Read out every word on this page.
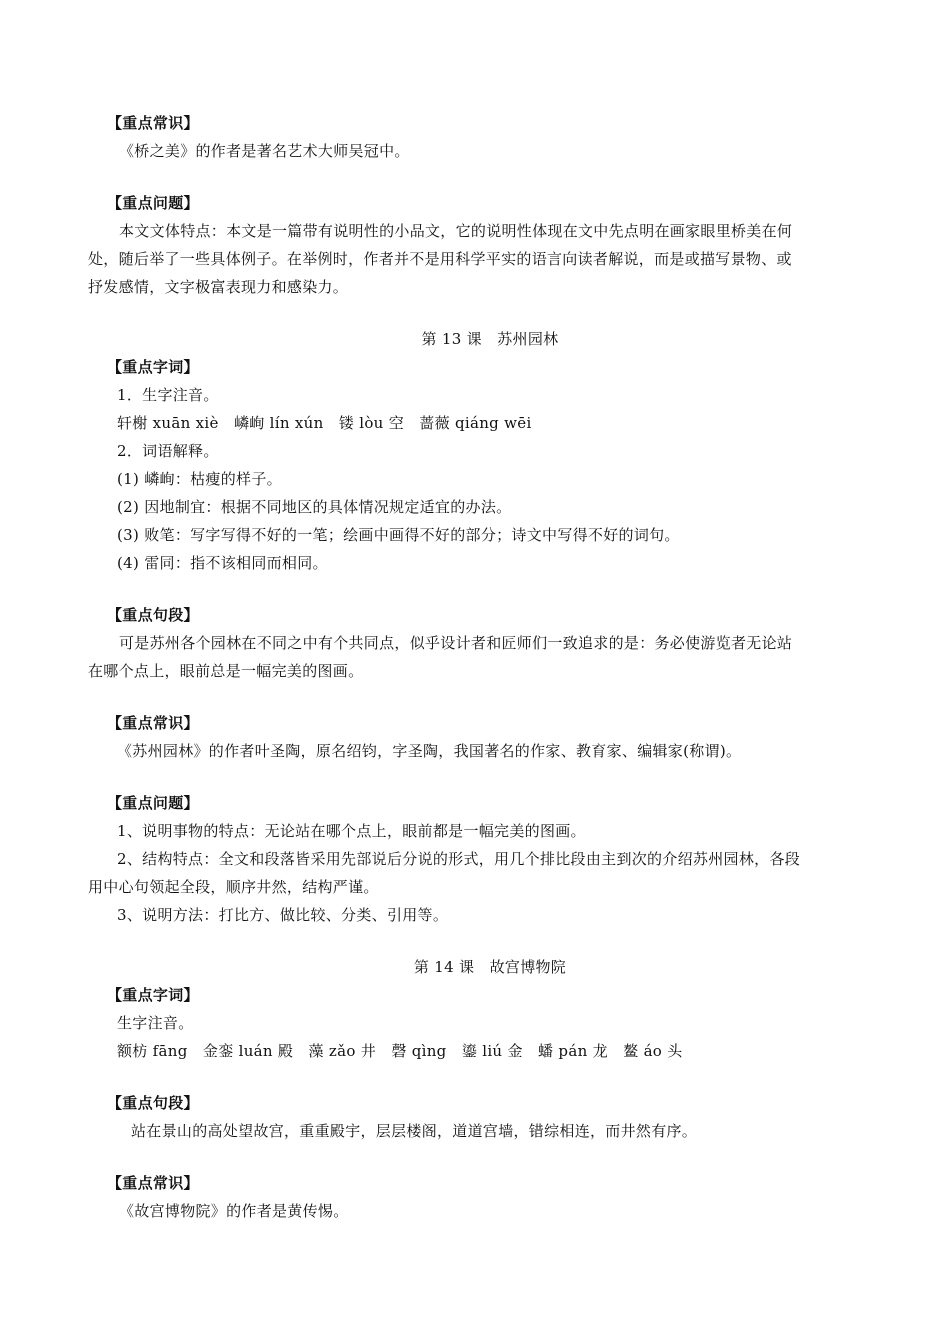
【重点常识】
《桥之美》的作者是著名艺术大师吴冠中。
【重点问题】
本文文体特点：本文是一篇带有说明性的小品文，它的说明性体现在文中先点明在画家眼里桥美在何
处，随后举了一些具体例子。在举例时，作者并不是用科学平实的语言向读者解说，而是或描写景物、或
抒发感情，文字极富表现力和感染力。
第 13 课　苏州园林
【重点字词】
1．生字注音。
轩榭 xuān xiè　嶙峋 lín xún　镂 lòu 空　蔷薇 qiáng wēi
2．词语解释。
(1) 嶙峋：枯瘦的样子。
(2) 因地制宜：根据不同地区的具体情况规定适宜的办法。
(3) 败笔：写字写得不好的一笔；绘画中画得不好的部分；诗文中写得不好的词句。
(4) 雷同：指不该相同而相同。
【重点句段】
可是苏州各个园林在不同之中有个共同点，似乎设计者和匠师们一致追求的是：务必使游览者无论站
在哪个点上，眼前总是一幅完美的图画。
【重点常识】
《苏州园林》的作者叶圣陶，原名绍钧，字圣陶，我国著名的作家、教育家、编辑家(称谓)。
【重点问题】
1、说明事物的特点：无论站在哪个点上，眼前都是一幅完美的图画。
2、结构特点：全文和段落皆采用先部说后分说的形式，用几个排比段由主到次的介绍苏州园林，各段
用中心句领起全段，顺序井然，结构严谨。
3、说明方法：打比方、做比较、分类、引用等。
第 14 课　故宫博物院
【重点字词】
生字注音。
额枋 fāng　金銮 luán 殿　藻 zǎo 井　磬 qìng　鎏 liú 金　蟠 pán 龙　鳌 áo 头
【重点句段】
站在景山的高处望故宫，重重殿宇，层层楼阁，道道宫墙，错综相连，而井然有序。
【重点常识】
《故宫博物院》的作者是黄传惕。
